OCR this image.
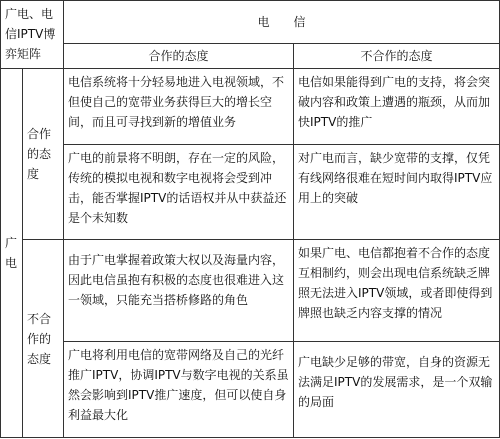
广电、电信IPTV博弈矩阵		电　　信	
		合作的态度	不合作的态度
广电	合作的态度	电信系统将十分轻易地进入电视领域，不但使自己的宽带业务获得巨大的增长空间，而且可寻找到新的增值业务	电信如果能得到广电的支持，将会突破内容和政策上遭遇的瓶颈，从而加快IPTV的推广
		广电的前景将不明朗，存在一定的风险，传统的模拟电视和数字电视将会受到冲击，能否掌握IPTV的话语权并从中获益还是个未知数	对广电而言，缺少宽带的支撑，仅凭有线网络很难在短时间内取得IPTV应用上的突破
	不合作的态度	由于广电掌握着政策大权以及海量内容，因此电信虽抱有积极的态度也很难进入这一领域，只能充当搭桥修路的角色	如果广电、电信都抱着不合作的态度互相制约，则会出现电信系统缺乏牌照无法进入IPTV领域，或者即使得到牌照也缺乏内容支撑的情况
		广电将利用电信的宽带网络及自己的光纤推广IPTV，协调IPTV与数字电视的关系虽然会影响到IPTV推广速度，但可以使自身利益最大化	广电缺少足够的带宽，自身的资源无法满足IPTV的发展需求，是一个双输的局面
